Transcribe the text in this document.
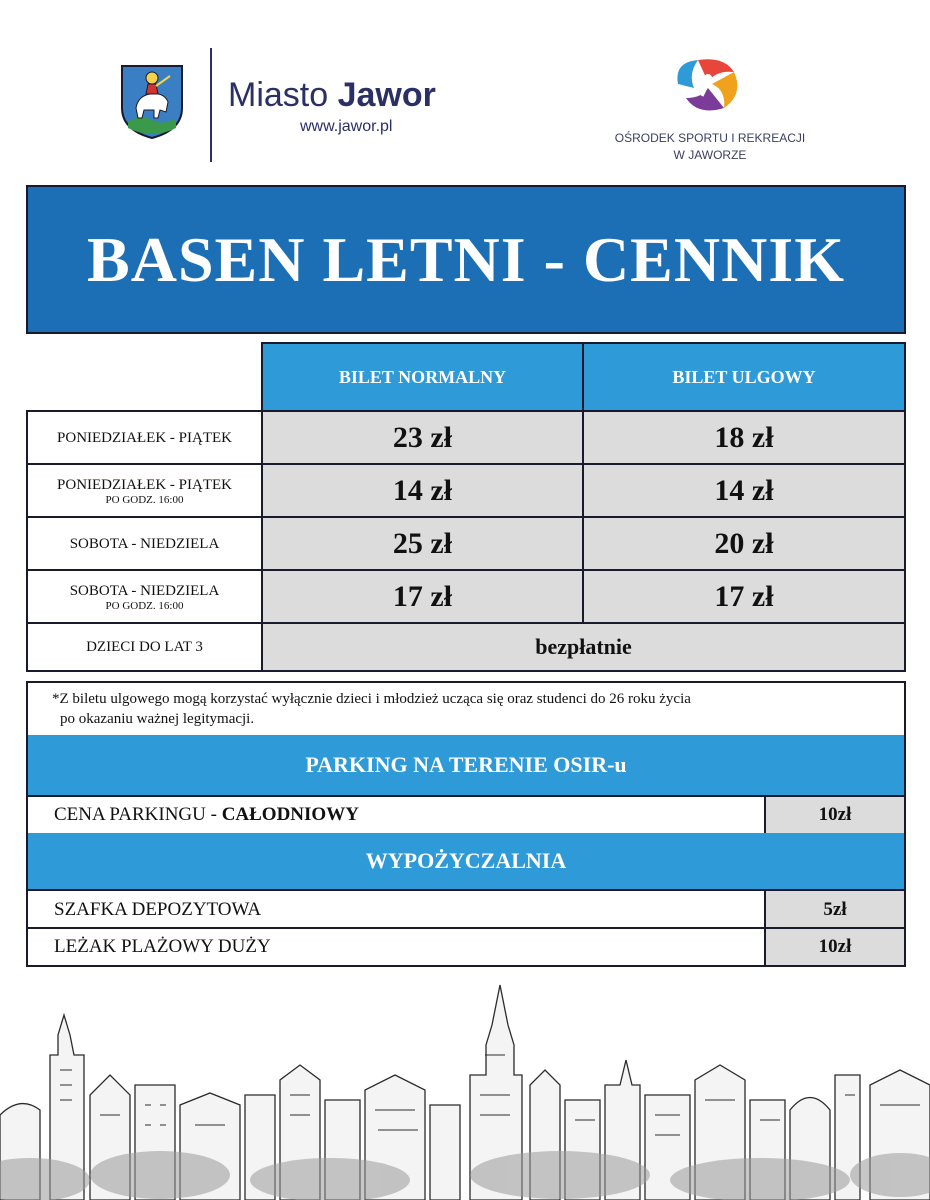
Miasto Jawor
www.jawor.pl
OŚRODEK SPORTU I REKREACJI
W JAWORZE
BASEN LETNI - CENNIK
BILET NORMALNY	BILET ULGOWY
PONIEDZIAŁEK - PIĄTEK	23 zł	18 zł
PONIEDZIAŁEK - PIĄTEK
PO GODZ. 16:00	14 zł	14 zł
SOBOTA - NIEDZIELA	25 zł	20 zł
SOBOTA - NIEDZIELA
PO GODZ. 16:00	17 zł	17 zł
DZIECI DO LAT 3	bezpłatnie
*Z biletu ulgowego mogą korzystać wyłącznie dzieci i młodzież ucząca się oraz studenci do 26 roku życia
po okazaniu ważnej legitymacji.
PARKING NA TERENIE OSIR-u
CENA PARKINGU - CAŁODNIOWY	10zł
WYPOŻYCZALNIA
SZAFKA DEPOZYTOWA	5zł
LEŻAK PLAŻOWY DUŻY	10zł
